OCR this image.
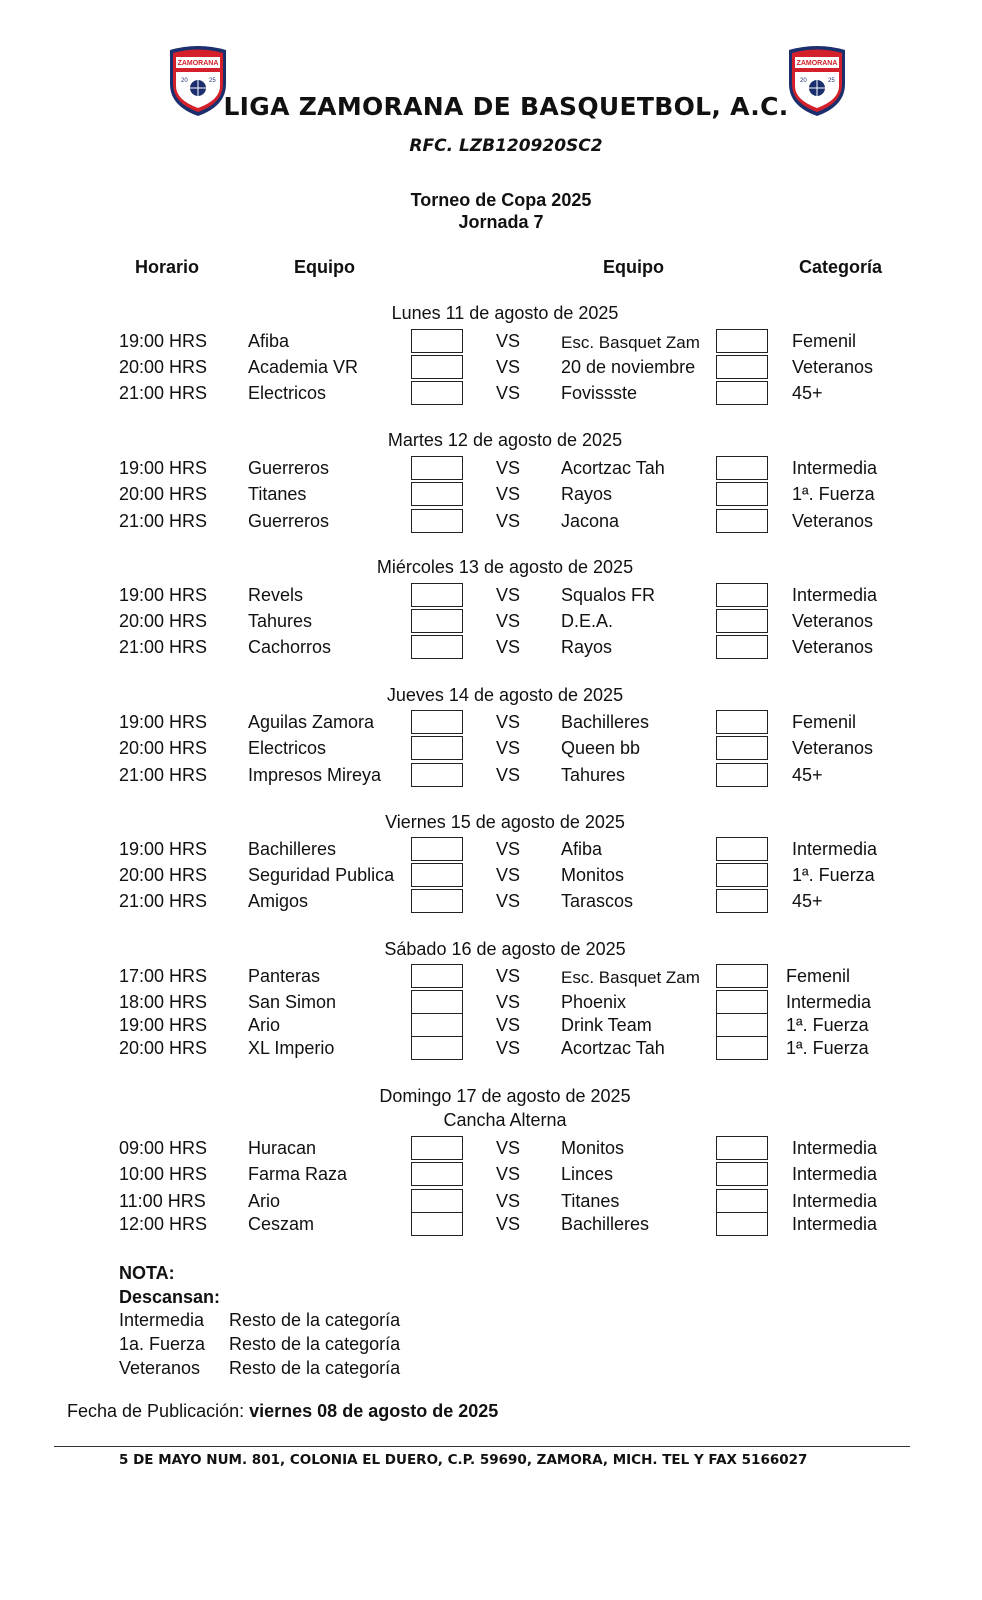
ZAMORANA
20	25
ZAMORANA
20	25
LIGA ZAMORANA DE BASQUETBOL, A.C.
RFC. LZB120920SC2
Torneo de Copa 2025
Jornada 7
Horario	Equipo	Equipo	Categoría
Lunes 11 de agosto de 2025
19:00 HRS Afiba	VS Esc. Basquet Zam	Femenil
20:00 HRS Academia VR	VS 20 de noviembre	Veteranos
21:00 HRS Electricos	VS Fovissste	45+
Martes 12 de agosto de 2025
19:00 HRS Guerreros	VS Acortzac Tah	Intermedia
20:00 HRS Titanes	VS Rayos	1ª. Fuerza
21:00 HRS Guerreros	VS Jacona	Veteranos
Miércoles 13 de agosto de 2025
19:00 HRS Revels	VS Squalos FR	Intermedia
20:00 HRS Tahures	VS D.E.A.	Veteranos
21:00 HRS Cachorros	VS Rayos	Veteranos
Jueves 14 de agosto de 2025
19:00 HRS Aguilas Zamora	VS Bachilleres	Femenil
20:00 HRS Electricos	VS Queen bb	Veteranos
21:00 HRS Impresos Mireya	VS Tahures	45+
Viernes 15 de agosto de 2025
19:00 HRS Bachilleres	VS Afiba	Intermedia
20:00 HRS Seguridad Publica	VS Monitos	1ª. Fuerza
21:00 HRS Amigos	VS Tarascos	45+
Sábado 16 de agosto de 2025
17:00 HRS Panteras	VS Esc. Basquet Zam	Femenil
18:00 HRS San Simon	VS Phoenix	Intermedia
19:00 HRS Ario	VS Drink Team	1ª. Fuerza
20:00 HRS XL Imperio	VS Acortzac Tah	1ª. Fuerza
Domingo 17 de agosto de 2025
Cancha Alterna
09:00 HRS Huracan	VS Monitos	Intermedia
10:00 HRS Farma Raza	VS Linces	Intermedia
11:00 HRS Ario	VS Titanes	Intermedia
12:00 HRS Ceszam	VS Bachilleres	Intermedia
NOTA:
Descansan:
Intermedia Resto de la categoría
1a. Fuerza Resto de la categoría
Veteranos Resto de la categoría
Fecha de Publicación: viernes 08 de agosto de 2025
5 DE MAYO NUM. 801, COLONIA EL DUERO, C.P. 59690, ZAMORA, MICH. TEL Y FAX 5166027
